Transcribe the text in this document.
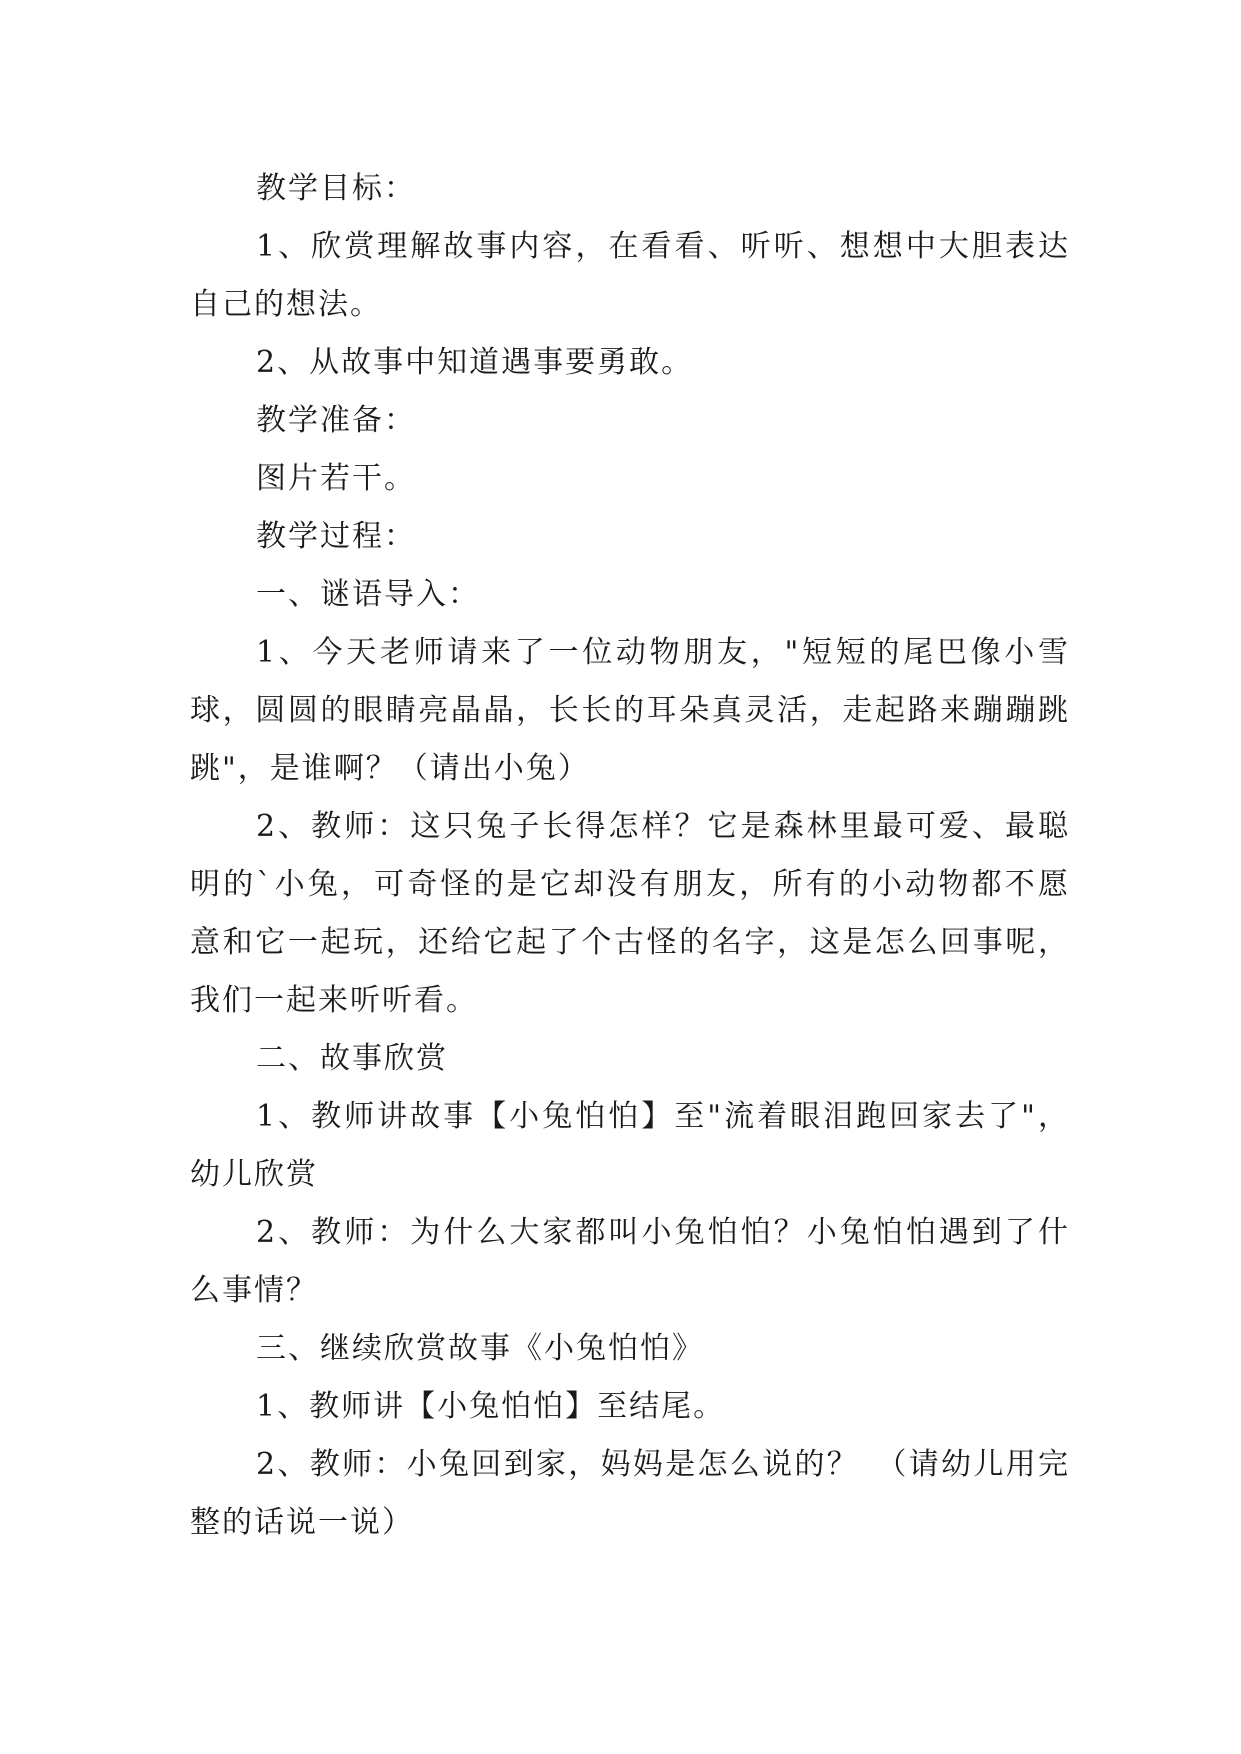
教学目标：

1、欣赏理解故事内容，在看看、听听、想想中大胆表达自己的想法。

2、从故事中知道遇事要勇敢。

教学准备：

图片若干。

教学过程：

一、谜语导入：

1、今天老师请来了一位动物朋友，"短短的尾巴像小雪球，圆圆的眼睛亮晶晶，长长的耳朵真灵活，走起路来蹦蹦跳跳"，是谁啊？（请出小兔）

2、教师：这只兔子长得怎样？它是森林里最可爱、最聪明的`小兔，可奇怪的是它却没有朋友，所有的小动物都不愿意和它一起玩，还给它起了个古怪的名字，这是怎么回事呢，我们一起来听听看。

二、故事欣赏

1、教师讲故事【小兔怕怕】至"流着眼泪跑回家去了"，幼儿欣赏

2、教师：为什么大家都叫小兔怕怕？小兔怕怕遇到了什么事情？

三、继续欣赏故事《小兔怕怕》

1、教师讲【小兔怕怕】至结尾。

2、教师：小兔回到家，妈妈是怎么说的？　（请幼儿用完整的话说一说）
